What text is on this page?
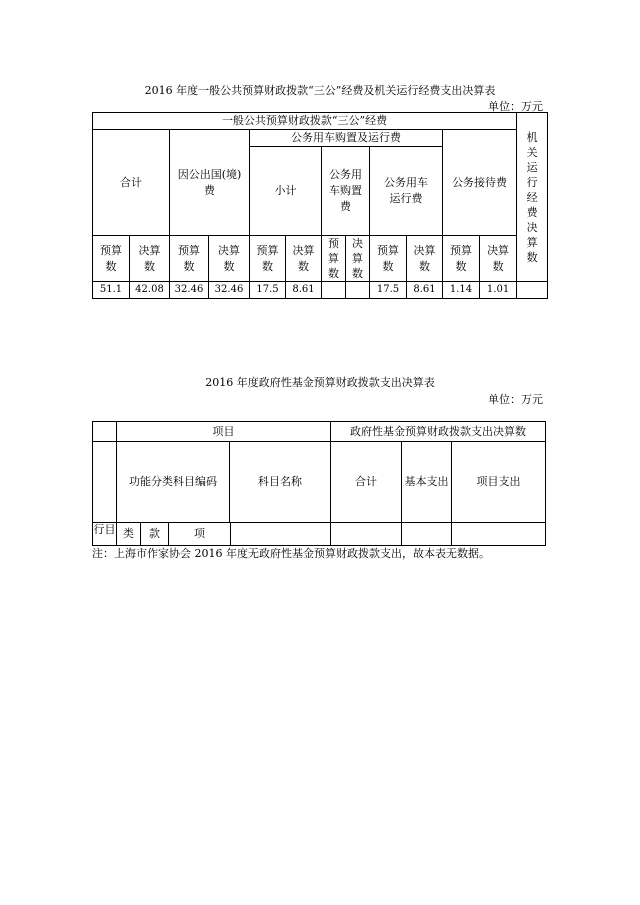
2016 年度一般公共预算财政拨款“三公”经费及机关运行经费支出决算表
单位：万元
一般公共预算财政拨款“三公”经费												机关运行经费决算数

合计		因公出国(境)费		公务用车购置及运行费						公务接待费		
				小计		公务用车购置费		公务用车运行费				

预算数	决算数	预算数	决算数	预算数	决算数	预算数	决算数	预算数	决算数	预算数	决算数	

51.1	42.08	32.46	32.46	17.5	8.61			17.5	8.61	1.14	1.01	
2016 年度政府性基金预算财政拨款支出决算表
单位：万元
	项目	政府性基金预算财政拨款支出决算数		

功能分类科目编码 科目名称	合计	基本支出	项目支出

行目	类 款 项			

注：上海市作家协会 2016 年度无政府性基金预算财政拨款支出，故本表无数据。
